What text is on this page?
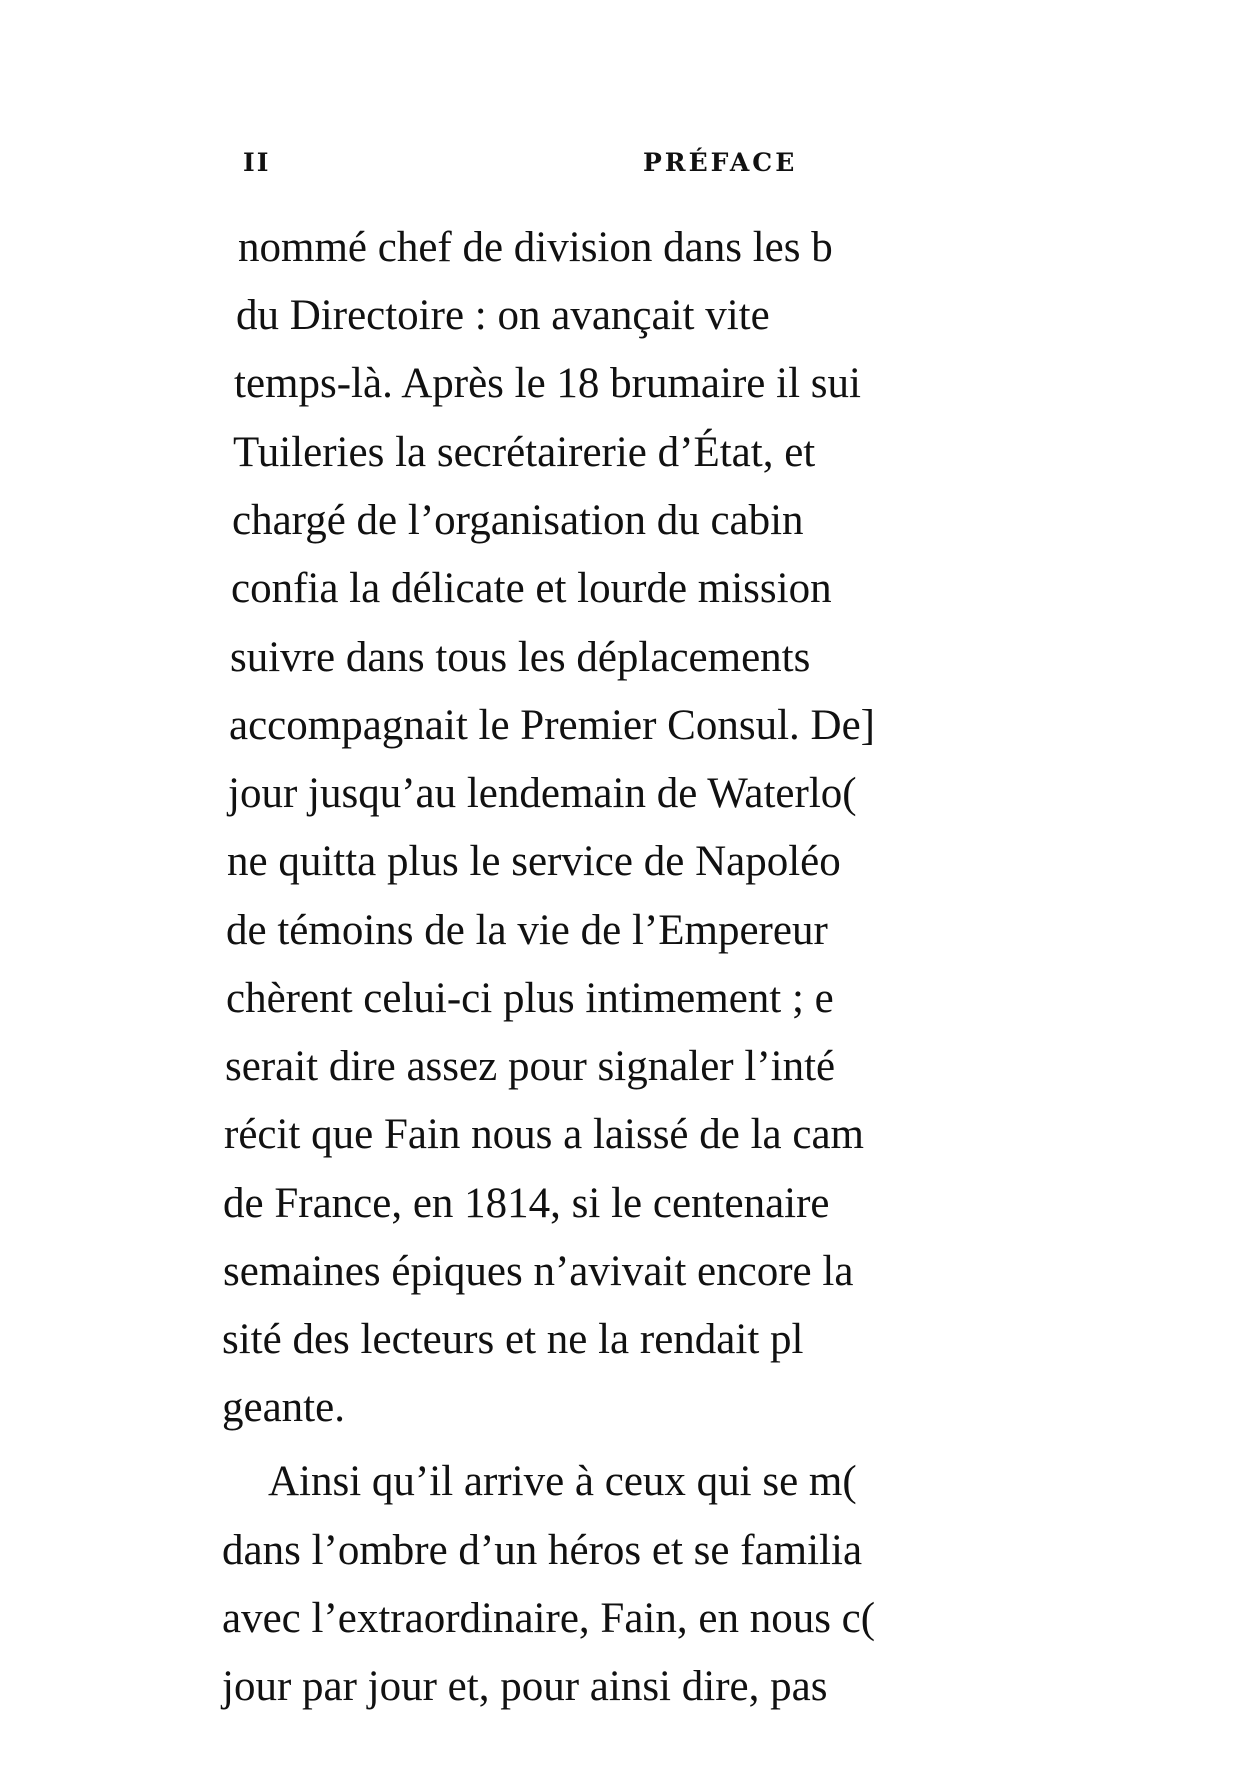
II	PRÉFACE
nommé chef de division dans les b
du Directoire : on avançait vite
temps-là. Après le 18 brumaire il sui
Tuileries la secrétairerie d’État, et
chargé de l’organisation du cabin
confia la délicate et lourde mission
suivre dans tous les déplacements
accompagnait le Premier Consul. De]
jour jusqu’au lendemain de Waterlo(
ne quitta plus le service de Napoléo
de témoins de la vie de l’Empereur
chèrent celui-ci plus intimement ; e
serait dire assez pour signaler l’inté
récit que Fain nous a laissé de la cam
de France, en 1814, si le centenaire
semaines épiques n’avivait encore la
sité des lecteurs et ne la rendait pl
geante.
Ainsi qu’il arrive à ceux qui se m(
dans l’ombre d’un héros et se familia
avec l’extraordinaire, Fain, en nous c(
jour par jour et, pour ainsi dire, pas
